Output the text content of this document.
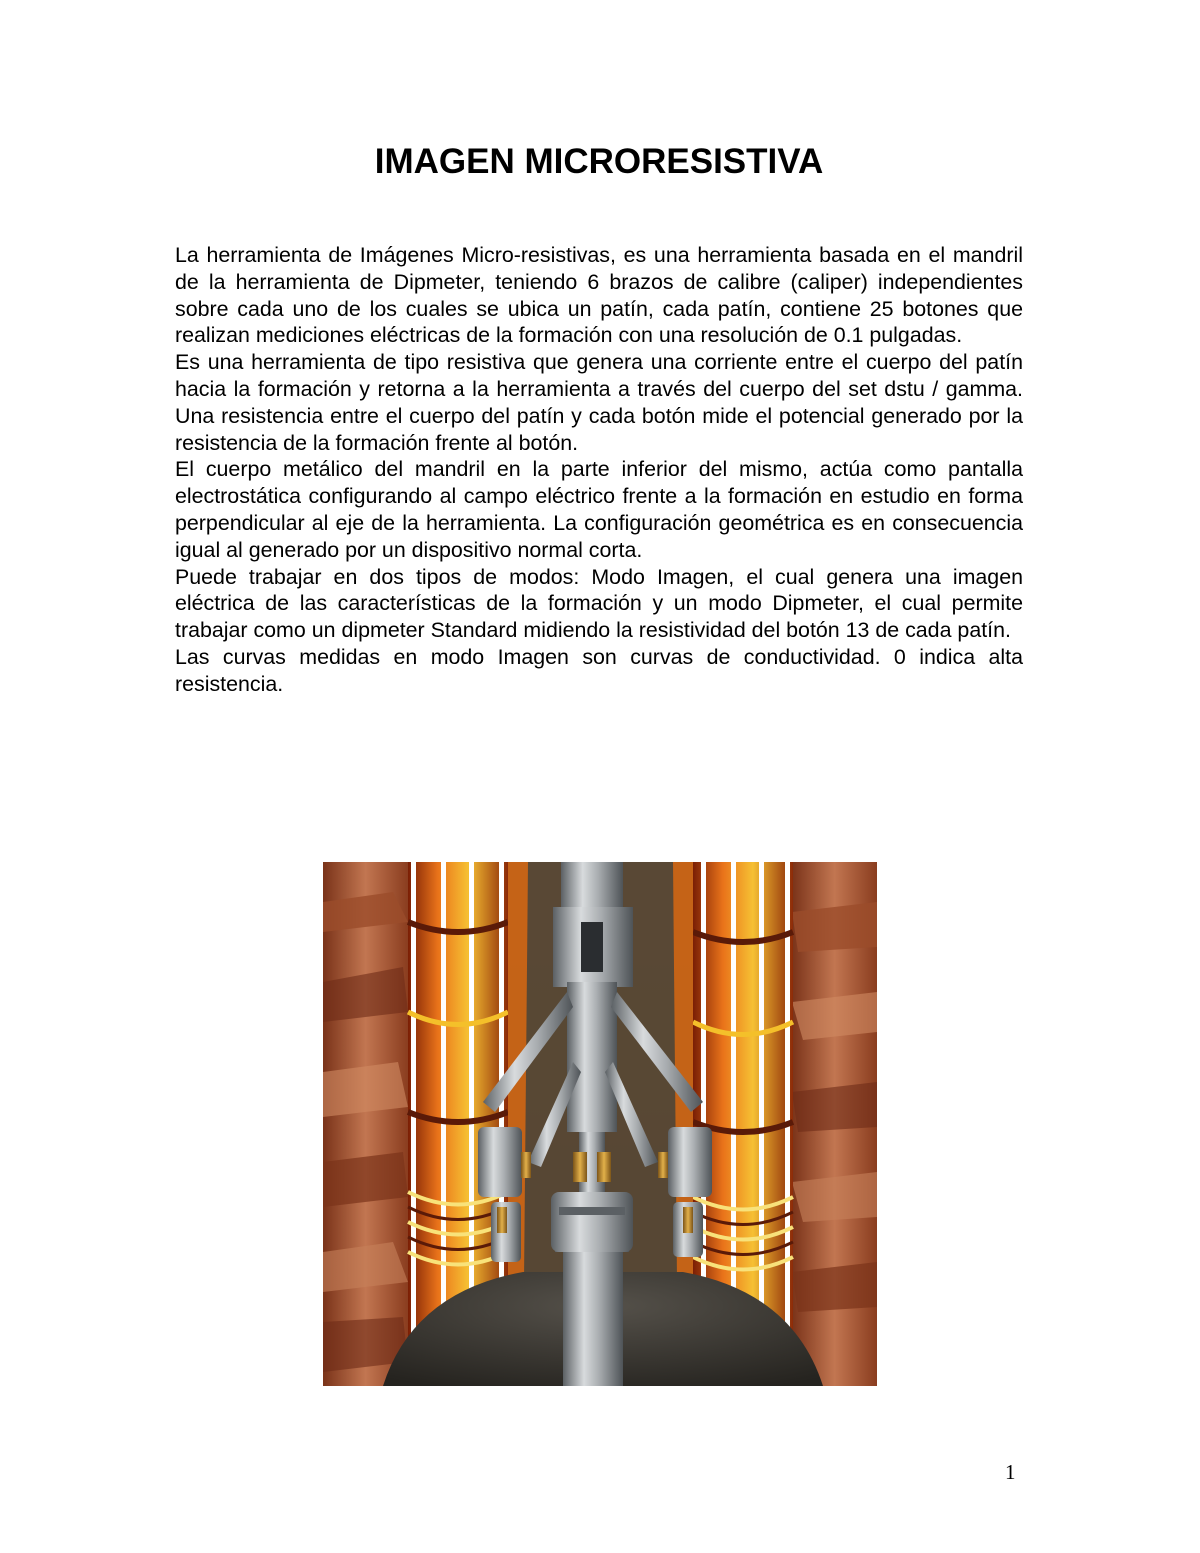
IMAGEN MICRORESISTIVA

La herramienta de Imágenes Micro-resistivas, es una herramienta basada en el mandril de la herramienta de Dipmeter, teniendo 6 brazos de calibre (caliper) independientes sobre cada uno de los cuales se ubica un patín, cada patín, contiene 25 botones que realizan mediciones eléctricas de la formación con una resolución de 0.1 pulgadas.

Es una herramienta de tipo resistiva que genera una corriente entre el cuerpo del patín hacia la formación y retorna a la herramienta a través del cuerpo del set dstu / gamma. Una resistencia entre el cuerpo del patín y cada botón mide el potencial generado por la resistencia de la formación frente al botón.

El cuerpo metálico del mandril en la parte inferior del mismo, actúa como pantalla electrostática configurando al campo eléctrico frente a la formación en estudio en forma perpendicular al eje de la herramienta. La configuración geométrica es en consecuencia igual al generado por un dispositivo normal corta.

Puede trabajar en dos tipos de modos: Modo Imagen, el cual genera una imagen eléctrica de las características de la formación y un modo Dipmeter, el cual permite trabajar como un dipmeter Standard midiendo la resistividad del botón 13 de cada patín.

Las curvas medidas en modo Imagen son curvas de conductividad. 0 indica alta resistencia.

1
